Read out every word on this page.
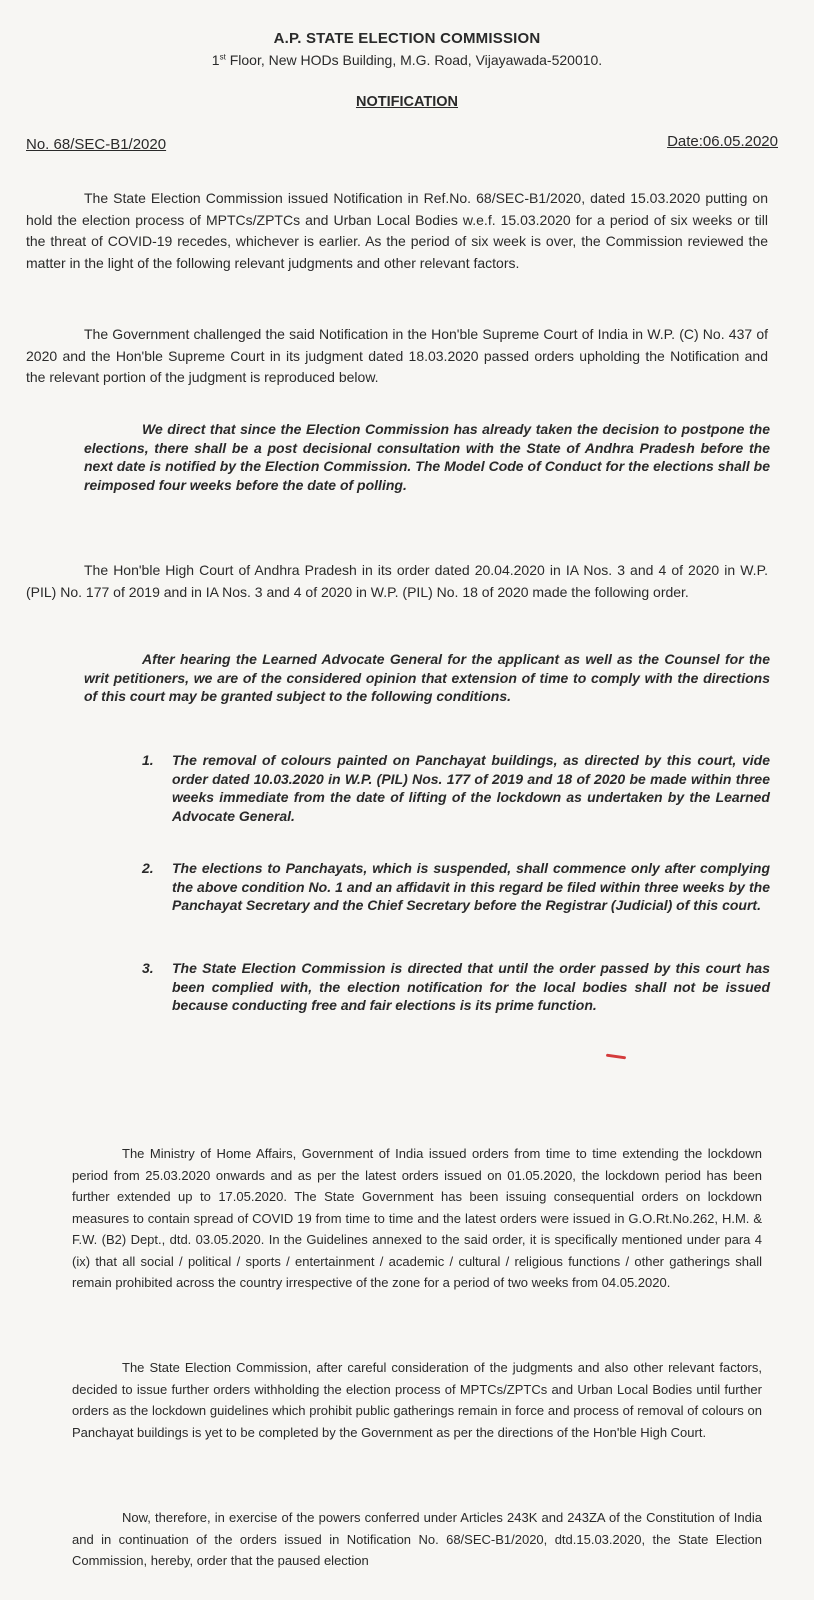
A.P. STATE ELECTION COMMISSION
1st Floor, New HODs Building, M.G. Road, Vijayawada-520010.
NOTIFICATION
No. 68/SEC-B1/2020	Date:06.05.2020

The State Election Commission issued Notification in Ref.No. 68/SEC-B1/2020, dated 15.03.2020 putting on hold the election process of MPTCs/ZPTCs and Urban Local Bodies w.e.f. 15.03.2020 for a period of six weeks or till the threat of COVID-19 recedes, whichever is earlier. As the period of six week is over, the Commission reviewed the matter in the light of the following relevant judgments and other relevant factors.

The Government challenged the said Notification in the Hon'ble Supreme Court of India in W.P. (C) No. 437 of 2020 and the Hon'ble Supreme Court in its judgment dated 18.03.2020 passed orders upholding the Notification and the relevant portion of the judgment is reproduced below.

We direct that since the Election Commission has already taken the decision to postpone the elections, there shall be a post decisional consultation with the State of Andhra Pradesh before the next date is notified by the Election Commission. The Model Code of Conduct for the elections shall be reimposed four weeks before the date of polling.

The Hon'ble High Court of Andhra Pradesh in its order dated 20.04.2020 in IA Nos. 3 and 4 of 2020 in W.P. (PIL) No. 177 of 2019 and in IA Nos. 3 and 4 of 2020 in W.P. (PIL) No. 18 of 2020 made the following order.

After hearing the Learned Advocate General for the applicant as well as the Counsel for the writ petitioners, we are of the considered opinion that extension of time to comply with the directions of this court may be granted subject to the following conditions.

1. The removal of colours painted on Panchayat buildings, as directed by this court, vide order dated 10.03.2020 in W.P. (PIL) Nos. 177 of 2019 and 18 of 2020 be made within three weeks immediate from the date of lifting of the lockdown as undertaken by the Learned Advocate General.
2. The elections to Panchayats, which is suspended, shall commence only after complying the above condition No. 1 and an affidavit in this regard be filed within three weeks by the Panchayat Secretary and the Chief Secretary before the Registrar (Judicial) of this court.
3. The State Election Commission is directed that until the order passed by this court has been complied with, the election notification for the local bodies shall not be issued because conducting free and fair elections is its prime function.

The Ministry of Home Affairs, Government of India issued orders from time to time extending the lockdown period from 25.03.2020 onwards and as per the latest orders issued on 01.05.2020, the lockdown period has been further extended up to 17.05.2020. The State Government has been issuing consequential orders on lockdown measures to contain spread of COVID 19 from time to time and the latest orders were issued in G.O.Rt.No.262, H.M. & F.W. (B2) Dept., dtd. 03.05.2020. In the Guidelines annexed to the said order, it is specifically mentioned under para 4 (ix) that all social / political / sports / entertainment / academic / cultural / religious functions / other gatherings shall remain prohibited across the country irrespective of the zone for a period of two weeks from 04.05.2020.

The State Election Commission, after careful consideration of the judgments and also other relevant factors, decided to issue further orders withholding the election process of MPTCs/ZPTCs and Urban Local Bodies until further orders as the lockdown guidelines which prohibit public gatherings remain in force and process of removal of colours on Panchayat buildings is yet to be completed by the Government as per the directions of the Hon'ble High Court.

Now, therefore, in exercise of the powers conferred under Articles 243K and 243ZA of the Constitution of India and in continuation of the orders issued in Notification No. 68/SEC-B1/2020, dtd.15.03.2020, the State Election Commission, hereby, order that the paused election
